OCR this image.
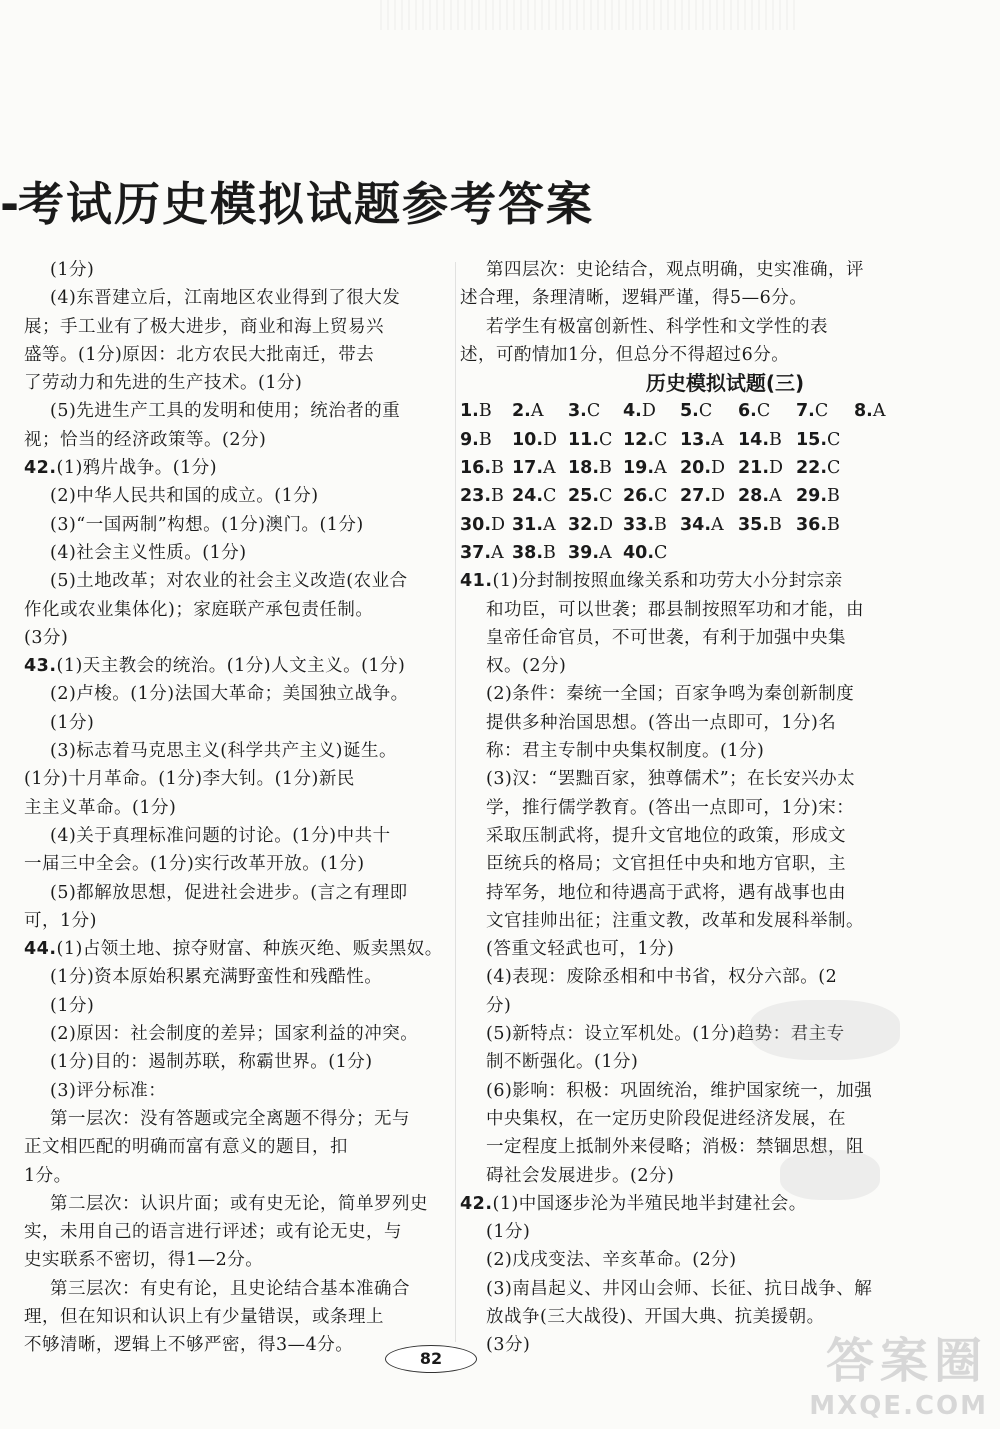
-考试历史模拟试题参考答案
(1分)
(4)东晋建立后，江南地区农业得到了很大发
展；手工业有了极大进步，商业和海上贸易兴
盛等。(1分)原因：北方农民大批南迁，带去
了劳动力和先进的生产技术。(1分)
(5)先进生产工具的发明和使用；统治者的重
视；恰当的经济政策等。(2分)
42.(1)鸦片战争。(1分)
(2)中华人民共和国的成立。(1分)
(3)“一国两制”构想。(1分)澳门。(1分)
(4)社会主义性质。(1分)
(5)土地改革；对农业的社会主义改造(农业合
作化或农业集体化)；家庭联产承包责任制。
(3分)
43.(1)天主教会的统治。(1分)人文主义。(1分)
(2)卢梭。(1分)法国大革命；美国独立战争。
(1分)
(3)标志着马克思主义(科学共产主义)诞生。
(1分)十月革命。(1分)李大钊。(1分)新民
主主义革命。(1分)
(4)关于真理标准问题的讨论。(1分)中共十
一届三中全会。(1分)实行改革开放。(1分)
(5)都解放思想，促进社会进步。(言之有理即
可，1分)
44.(1)占领土地、掠夺财富、种族灭绝、贩卖黑奴。
(1分)资本原始积累充满野蛮性和残酷性。
(1分)
(2)原因：社会制度的差异；国家利益的冲突。
(1分)目的：遏制苏联，称霸世界。(1分)
(3)评分标准：
第一层次：没有答题或完全离题不得分；无与
正文相匹配的明确而富有意义的题目，扣
1分。
第二层次：认识片面；或有史无论，简单罗列史
实，未用自己的语言进行评述；或有论无史，与
史实联系不密切，得1—2分。
第三层次：有史有论，且史论结合基本准确合
理，但在知识和认识上有少量错误，或条理上
不够清晰，逻辑上不够严密，得3—4分。
第四层次：史论结合，观点明确，史实准确，评
述合理，条理清晰，逻辑严谨，得5—6分。
若学生有极富创新性、科学性和文学性的表
述，可酌情加1分，但总分不得超过6分。
历史模拟试题(三)
1.B	2.A	3.C	4.D	5.C	6.C	7.C	8.A
9.B	10.D 11.C 12.C 13.A 14.B 15.C
16.B 17.A 18.B 19.A 20.D 21.D 22.C
23.B 24.C 25.C 26.C 27.D 28.A 29.B
30.D 31.A 32.D 33.B 34.A 35.B 36.B
37.A 38.B 39.A 40.C
41.(1)分封制按照血缘关系和功劳大小分封宗亲
和功臣，可以世袭；郡县制按照军功和才能，由
皇帝任命官员，不可世袭，有利于加强中央集
权。(2分)
(2)条件：秦统一全国；百家争鸣为秦创新制度
提供多种治国思想。(答出一点即可，1分)名
称：君主专制中央集权制度。(1分)
(3)汉：“罢黜百家，独尊儒术”；在长安兴办太
学，推行儒学教育。(答出一点即可，1分)宋：
采取压制武将，提升文官地位的政策，形成文
臣统兵的格局；文官担任中央和地方官职，主
持军务，地位和待遇高于武将，遇有战事也由
文官挂帅出征；注重文教，改革和发展科举制。
(答重文轻武也可，1分)
(4)表现：废除丞相和中书省，权分六部。(2
分)
(5)新特点：设立军机处。(1分)趋势：君主专
制不断强化。(1分)
(6)影响：积极：巩固统治，维护国家统一，加强
中央集权，在一定历史阶段促进经济发展，在
一定程度上抵制外来侵略；消极：禁锢思想，阻
碍社会发展进步。(2分)
42.(1)中国逐步沦为半殖民地半封建社会。
(1分)
(2)戊戌变法、辛亥革命。(2分)
(3)南昌起义、井冈山会师、长征、抗日战争、解
放战争(三大战役)、开国大典、抗美援朝。
(3分)
82	答案圈
MXQE.COM
